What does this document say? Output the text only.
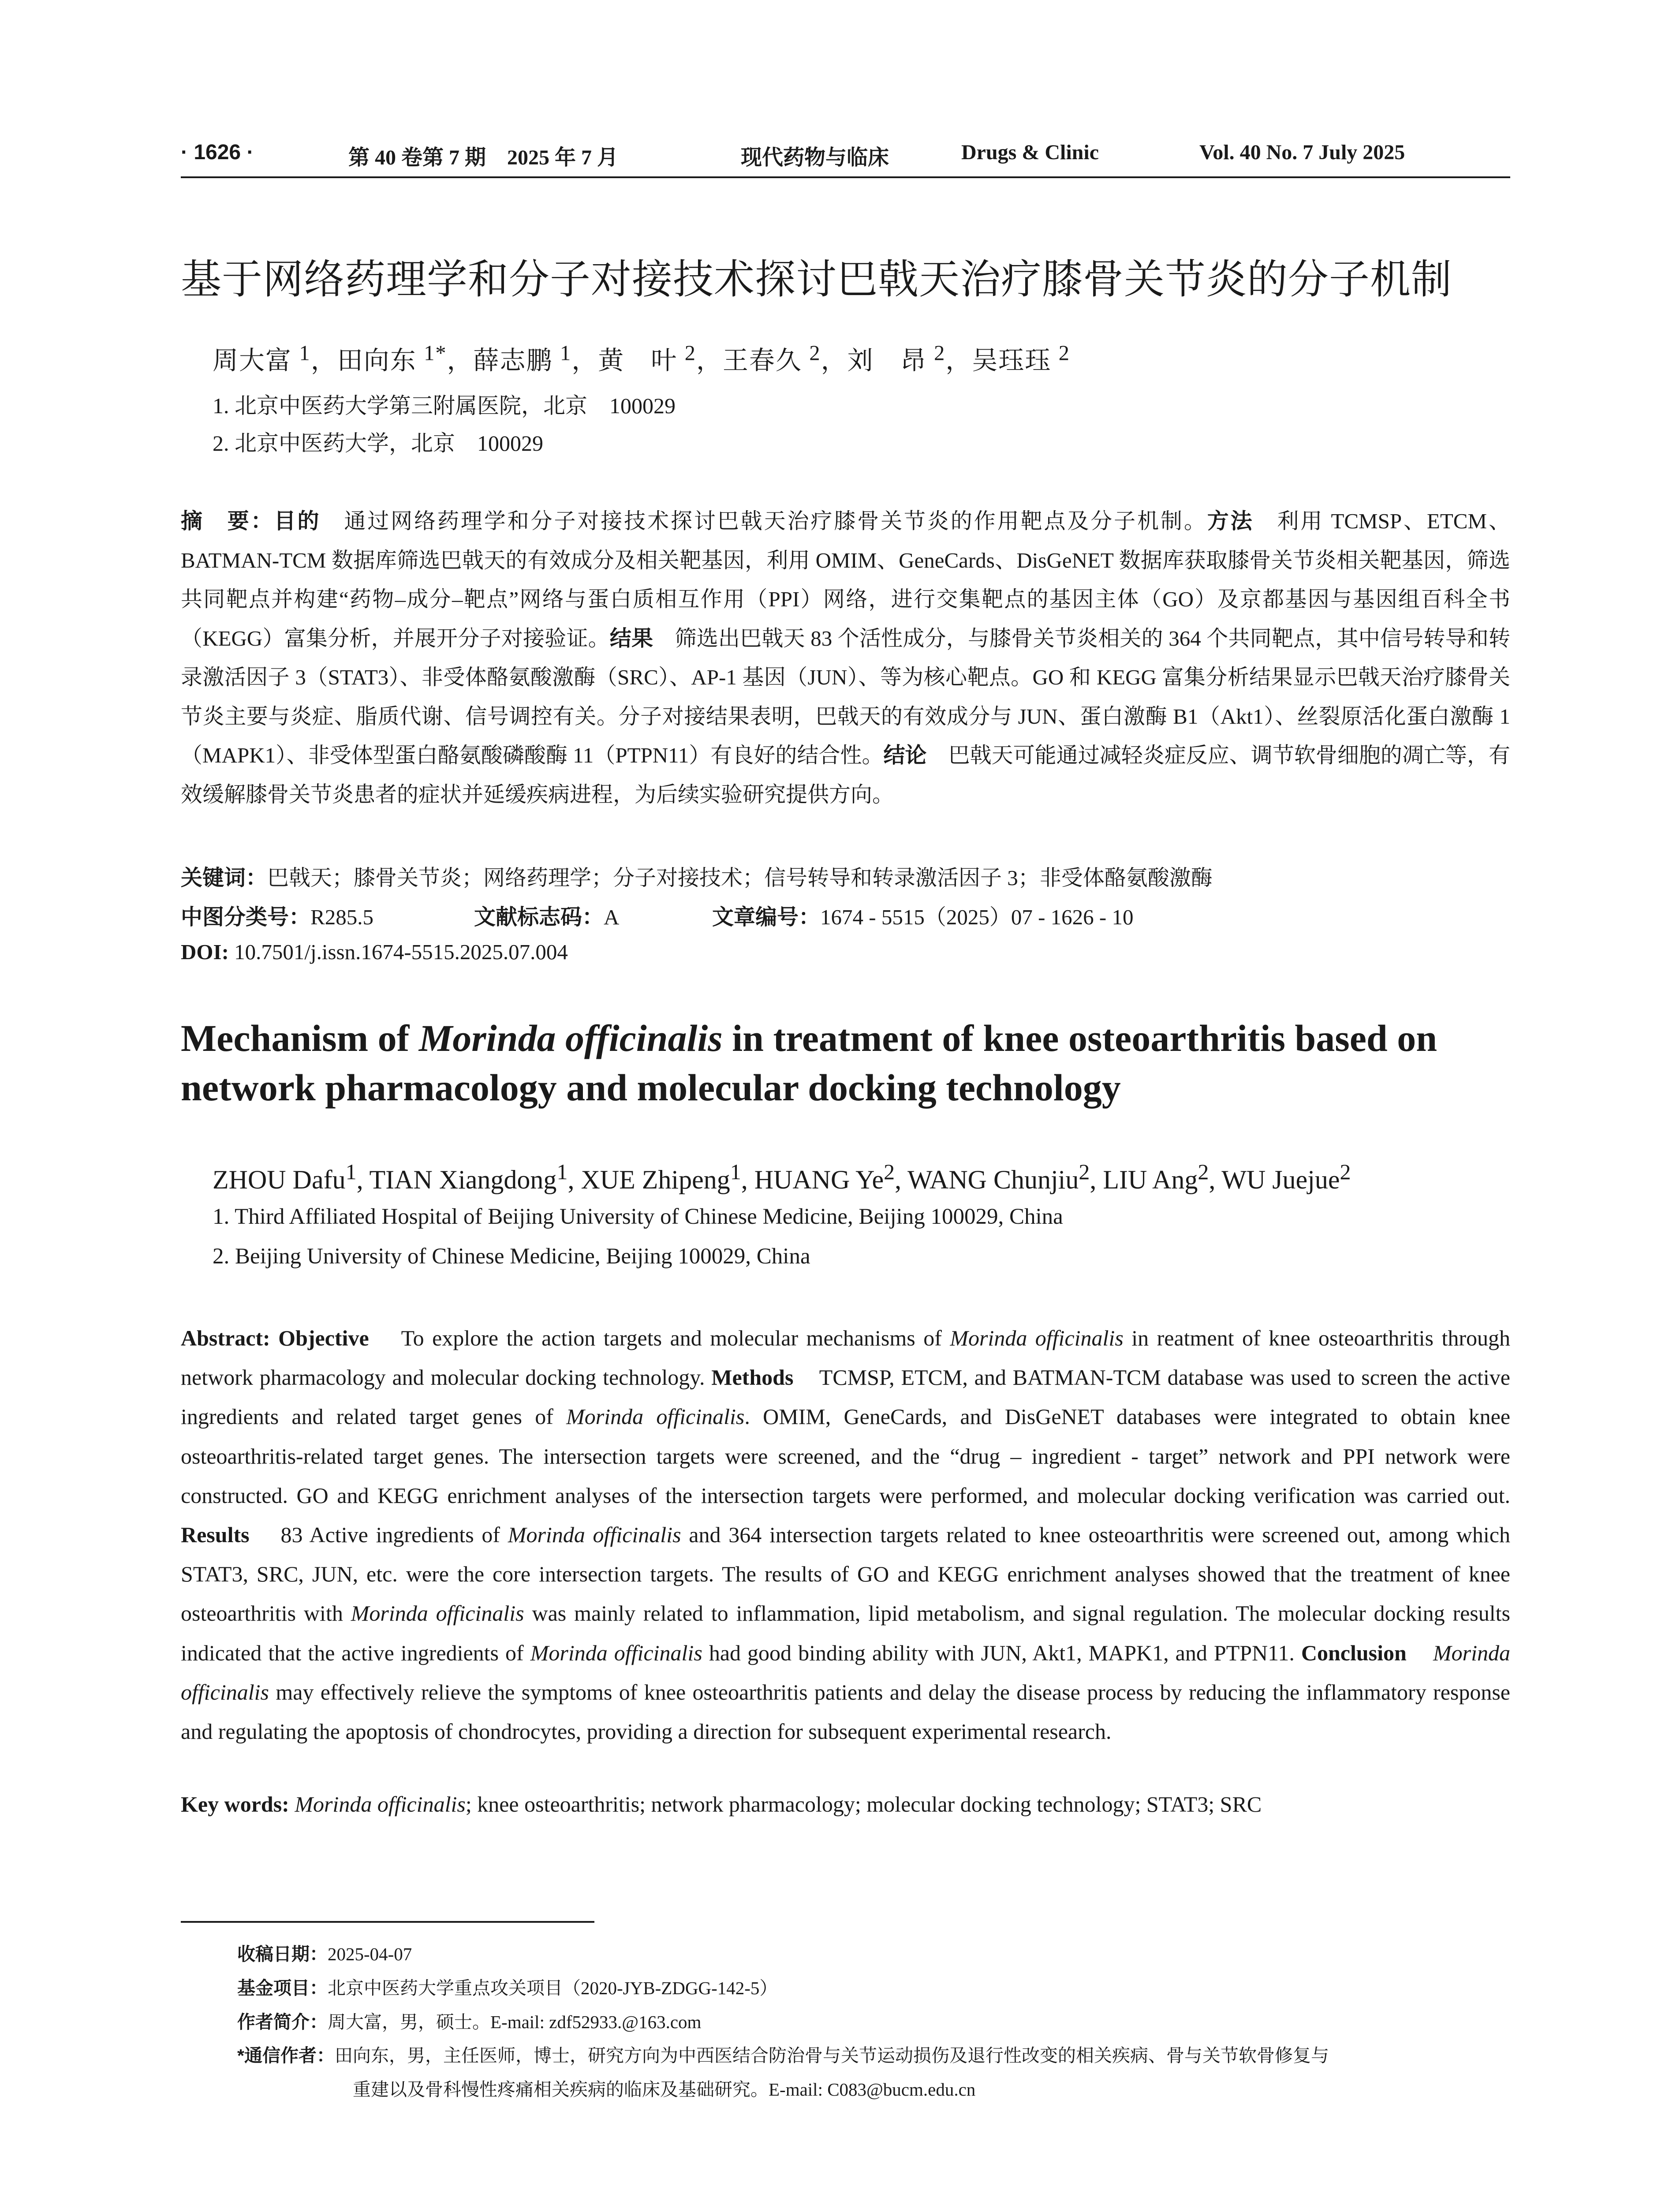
· 1626 ·	第 40 卷第 7 期　2025 年 7 月	现代药物与临床	Drugs & Clinic	Vol. 40 No. 7 July 2025
基于网络药理学和分子对接技术探讨巴戟天治疗膝骨关节炎的分子机制
周大富 $^1$，田向东 $^{1*}$，薛志鹏 $^1$，黄　叶 $^2$，王春久 $^2$，刘　昂 $^2$，吴珏珏 $^2$
1. 北京中医药大学第三附属医院，北京　100029
2. 北京中医药大学，北京　100029
摘　要：目的　通过网络药理学和分子对接技术探讨巴戟天治疗膝骨关节炎的作用靶点及分子机制。方法　利用 TCMSP、ETCM、BATMAN-TCM 数据库筛选巴戟天的有效成分及相关靶基因，利用 OMIM、GeneCards、DisGeNET 数据库获取膝骨关节炎相关靶基因，筛选共同靶点并构建“药物–成分–靶点”网络与蛋白质相互作用（PPI）网络，进行交集靶点的基因主体（GO）及京都基因与基因组百科全书（KEGG）富集分析，并展开分子对接验证。结果　筛选出巴戟天 83 个活性成分，与膝骨关节炎相关的 364 个共同靶点，其中信号转导和转录激活因子 3（STAT3）、非受体酪氨酸激酶（SRC）、AP-1 基因（JUN）、等为核心靶点。GO 和 KEGG 富集分析结果显示巴戟天治疗膝骨关节炎主要与炎症、脂质代谢、信号调控有关。分子对接结果表明，巴戟天的有效成分与 JUN、蛋白激酶 B1（Akt1）、丝裂原活化蛋白激酶 1（MAPK1）、非受体型蛋白酪氨酸磷酸酶 11（PTPN11）有良好的结合性。结论　巴戟天可能通过减轻炎症反应、调节软骨细胞的凋亡等，有效缓解膝骨关节炎患者的症状并延缓疾病进程，为后续实验研究提供方向。
关键词：巴戟天；膝骨关节炎；网络药理学；分子对接技术；信号转导和转录激活因子 3；非受体酪氨酸激酶
中图分类号：R285.5	文献标志码：A	文章编号：1674 - 5515（2025）07 - 1626 - 10
DOI: 10.7501/j.issn.1674-5515.2025.07.004
Mechanism of Morinda officinalis in treatment of knee osteoarthritis based on network pharmacology and molecular docking technology
ZHOU Dafu$^1$, TIAN Xiangdong$^1$, XUE Zhipeng$^1$, HUANG Ye$^2$, WANG Chunjiu$^2$, LIU Ang$^2$, WU Juejue$^2$
1. Third Affiliated Hospital of Beijing University of Chinese Medicine, Beijing 100029, China
2. Beijing University of Chinese Medicine, Beijing 100029, China
Abstract: Objective    To explore the action targets and molecular mechanisms of Morinda officinalis in reatment of knee osteoarthritis through network pharmacology and molecular docking technology. Methods    TCMSP, ETCM, and BATMAN-TCM database was used to screen the active ingredients and related target genes of Morinda officinalis. OMIM, GeneCards, and DisGeNET databases were integrated to obtain knee osteoarthritis-related target genes. The intersection targets were screened, and the “drug – ingredient - target” network and PPI network were constructed. GO and KEGG enrichment analyses of the intersection targets were performed, and molecular docking verification was carried out. Results    83 Active ingredients of Morinda officinalis and 364 intersection targets related to knee osteoarthritis were screened out, among which STAT3, SRC, JUN, etc. were the core intersection targets. The results of GO and KEGG enrichment analyses showed that the treatment of knee osteoarthritis with Morinda officinalis was mainly related to inflammation, lipid metabolism, and signal regulation. The molecular docking results indicated that the active ingredients of Morinda officinalis had good binding ability with JUN, Akt1, MAPK1, and PTPN11. Conclusion Morinda officinalis may effectively relieve the symptoms of knee osteoarthritis patients and delay the disease process by reducing the inflammatory response and regulating the apoptosis of chondrocytes, providing a direction for subsequent experimental research.
Key words: Morinda officinalis; knee osteoarthritis; network pharmacology; molecular docking technology; STAT3; SRC
收稿日期：2025-04-07
基金项目：北京中医药大学重点攻关项目（2020-JYB-ZDGG-142-5）
作者简介：周大富，男，硕士。E-mail: zdf52933.@163.com
*通信作者：田向东，男，主任医师，博士，研究方向为中西医结合防治骨与关节运动损伤及退行性改变的相关疾病、骨与关节软骨修复与
重建以及骨科慢性疼痛相关疾病的临床及基础研究。E-mail: C083@bucm.edu.cn
